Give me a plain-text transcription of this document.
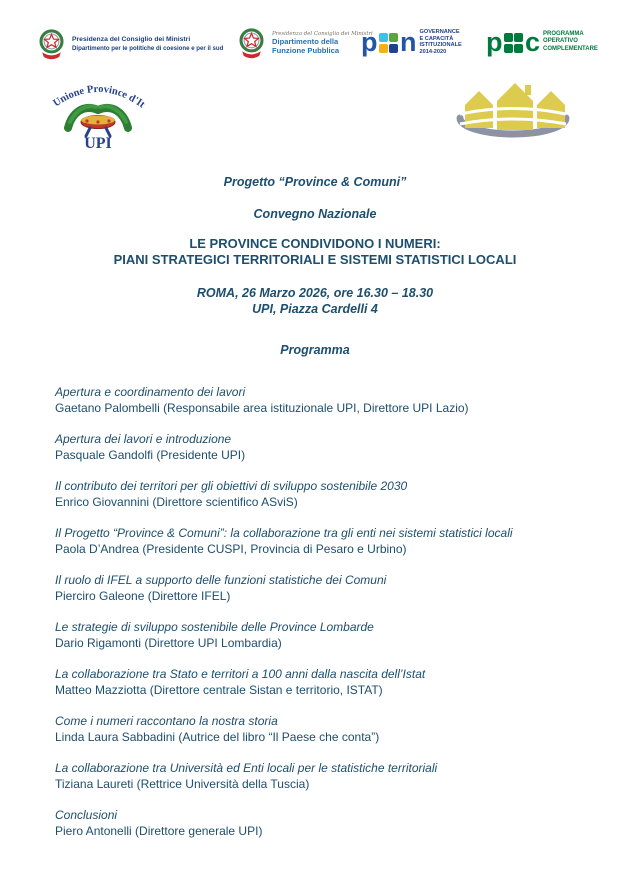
Presidenza del Consiglio dei Ministri
Dipartimento per le politiche di coesione e per il sud
Presidenza del Consiglio dei Ministri
Dipartimento della
Funzione Pubblica p n GOVERNANCE
E CAPACITÀ
ISTITUZIONALE
2014-2020	p c PROGRAMMA
OPERATIVO
COMPLEMENTARE
Unione Province d'It
UPI
Progetto “Province & Comuni”
Convegno Nazionale
LE PROVINCE CONDIVIDONO I NUMERI:
PIANI STRATEGICI TERRITORIALI E SISTEMI STATISTICI LOCALI
ROMA, 26 Marzo 2026, ore 16.30 – 18.30
UPI, Piazza Cardelli 4
Programma
Apertura e coordinamento dei lavori
Gaetano Palombelli (Responsabile area istituzionale UPI, Direttore UPI Lazio)
Apertura dei lavori e introduzione
Pasquale Gandolfi (Presidente UPI)
Il contributo dei territori per gli obiettivi di sviluppo sostenibile 2030
Enrico Giovannini (Direttore scientifico ASviS)
Il Progetto “Province & Comuni”: la collaborazione tra gli enti nei sistemi statistici locali
Paola D’Andrea (Presidente CUSPI, Provincia di Pesaro e Urbino)
Il ruolo di IFEL a supporto delle funzioni statistiche dei Comuni
Pierciro Galeone (Direttore IFEL)
Le strategie di sviluppo sostenibile delle Province Lombarde
Dario Rigamonti (Direttore UPI Lombardia)
La collaborazione tra Stato e territori a 100 anni dalla nascita dell’Istat
Matteo Mazziotta (Direttore centrale Sistan e territorio, ISTAT)
Come i numeri raccontano la nostra storia
Linda Laura Sabbadini (Autrice del libro “Il Paese che conta”)
La collaborazione tra Università ed Enti locali per le statistiche territoriali
Tiziana Laureti (Rettrice Università della Tuscia)
Conclusioni
Piero Antonelli (Direttore generale UPI)
